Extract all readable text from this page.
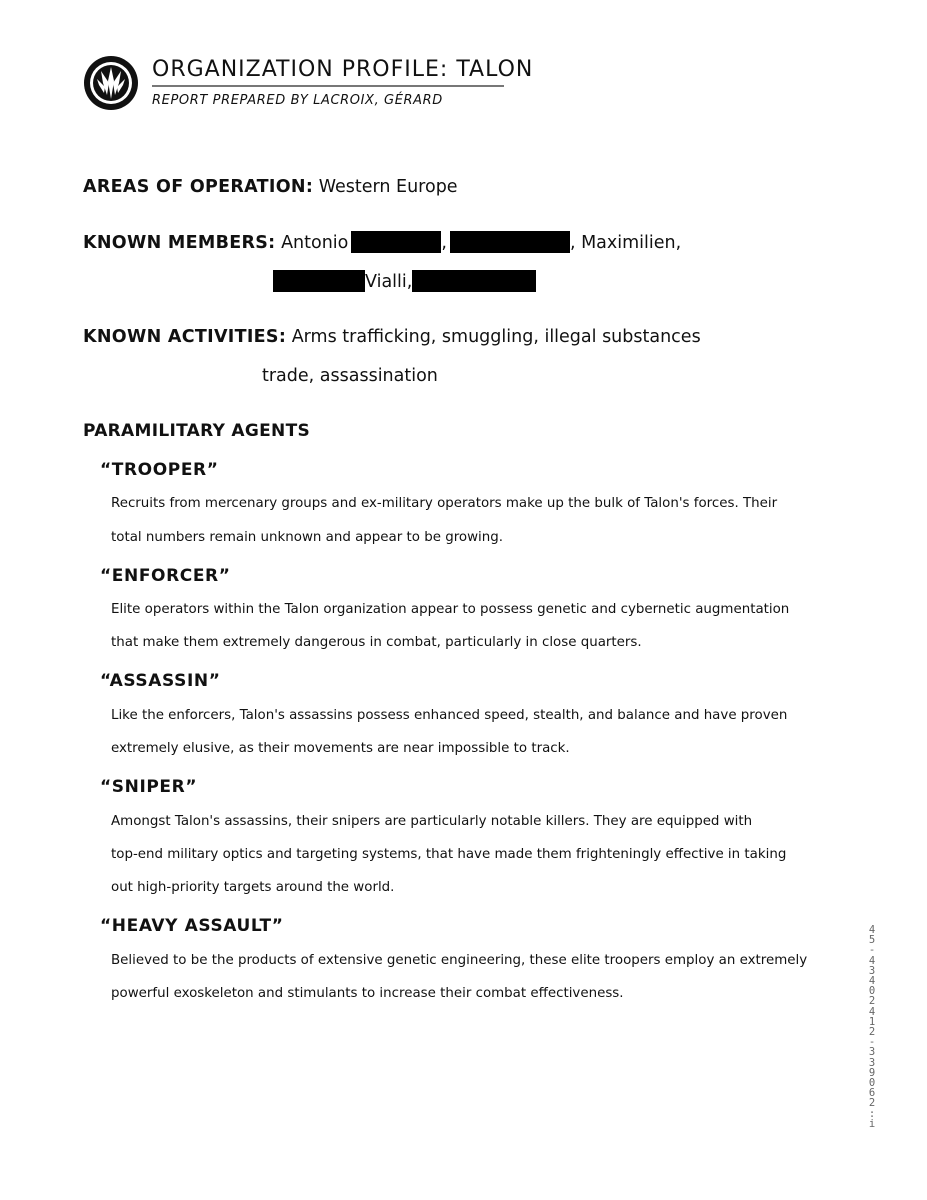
ORGANIZATION PROFILE: TALON
REPORT PREPARED BY LACROIX, GÉRARD
AREAS OF OPERATION: Western Europe
KNOWN MEMBERS: Antonio	,	, Maximilien,
Vialli,
KNOWN ACTIVITIES: Arms trafficking, smuggling, illegal substances
trade, assassination
PARAMILITARY AGENTS
“TROOPER”
Recruits from mercenary groups and ex-military operators make up the bulk of Talon's forces. Their
total numbers remain unknown and appear to be growing.
“ENFORCER”
Elite operators within the Talon organization appear to possess genetic and cybernetic augmentation
that make them extremely dangerous in combat, particularly in close quarters.
“ASSASSIN”
Like the enforcers, Talon's assassins possess enhanced speed, stealth, and balance and have proven
extremely elusive, as their movements are near impossible to track.
“SNIPER”
Amongst Talon's assassins, their snipers are particularly notable killers. They are equipped with
top-end military optics and targeting systems, that have made them frighteningly effective in taking
out high-priority targets around the world.
“HEAVY ASSAULT”
Believed to be the products of extensive genetic engineering, these elite troopers employ an extremely
powerful exoskeleton and stimulants to increase their combat effectiveness.
4
5
-
4
3
4
0
2
4
1
2
-
3
3
9
0
6
2
:
i
